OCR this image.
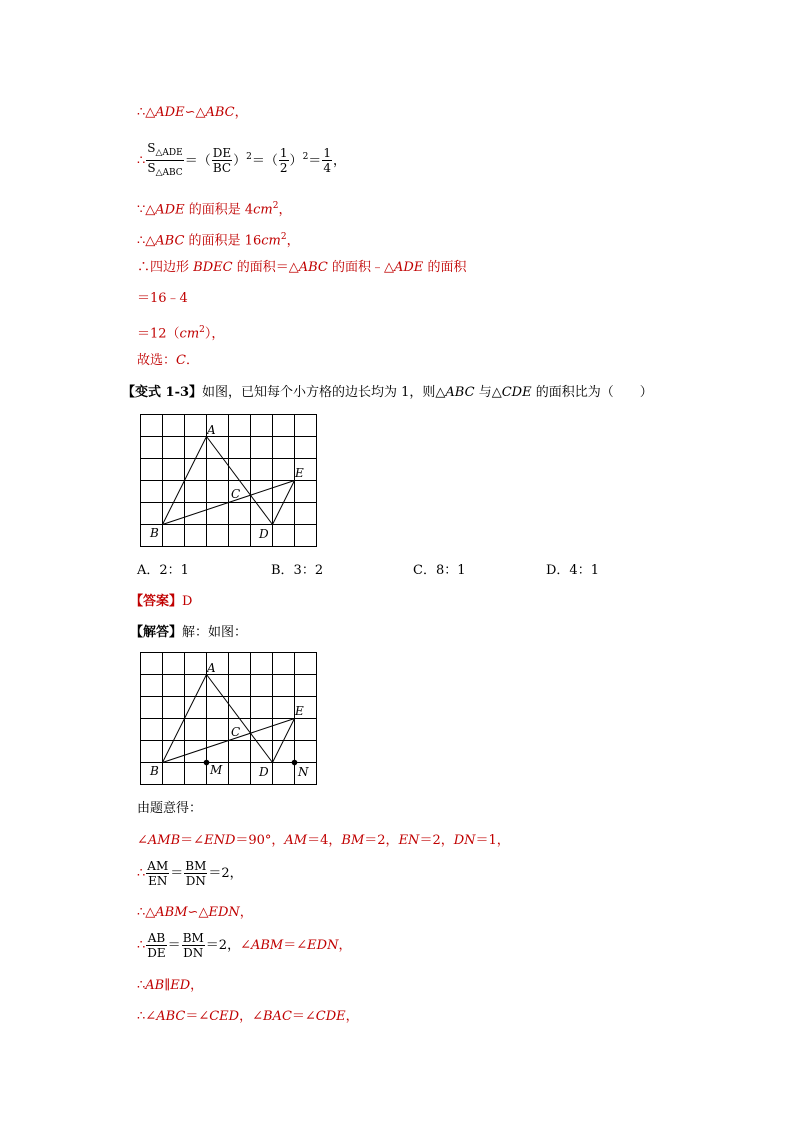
∴△ADE∽△ABC，
∴ $\frac{S_{\triangle ADE}}{S_{\triangle ABC}}$ ＝（ $\frac{DE}{BC} )^2=( \frac{1}{2} )^2= \frac{1}{4}$ ，
∵△ADE 的面积是 $4cm^2$，
∴△ABC 的面积是 $16cm^2$，
∴四边形 BDEC 的面积＝△ABC 的面积﹣△ADE 的面积
＝16﹣4
$=12(cm^2)$，
故选：C．
【变式 1-3】如图，已知每个小方格的边长均为 1，则△ABC 与△CDE 的面积比为（　　）
A
B
C
D
E
A．2：1	B．3：2	C．8：1	D．4：1
【答案】D
【解答】解：如图：
A
B
C
D
E
M	N
由题意得：
∠AMB＝∠END＝90°，AM＝4，BM＝2，EN＝2，DN＝1，
∴ $\frac{AM}{EN} = \frac{BM}{DN} =2$，
∴△ABM∽△EDN，
∴ $\frac{AB}{DE} = \frac{BM}{DN} =2$，∠ABM＝∠EDN，
∴AB∥ED，
∴∠ABC＝∠CED，∠BAC＝∠CDE，
